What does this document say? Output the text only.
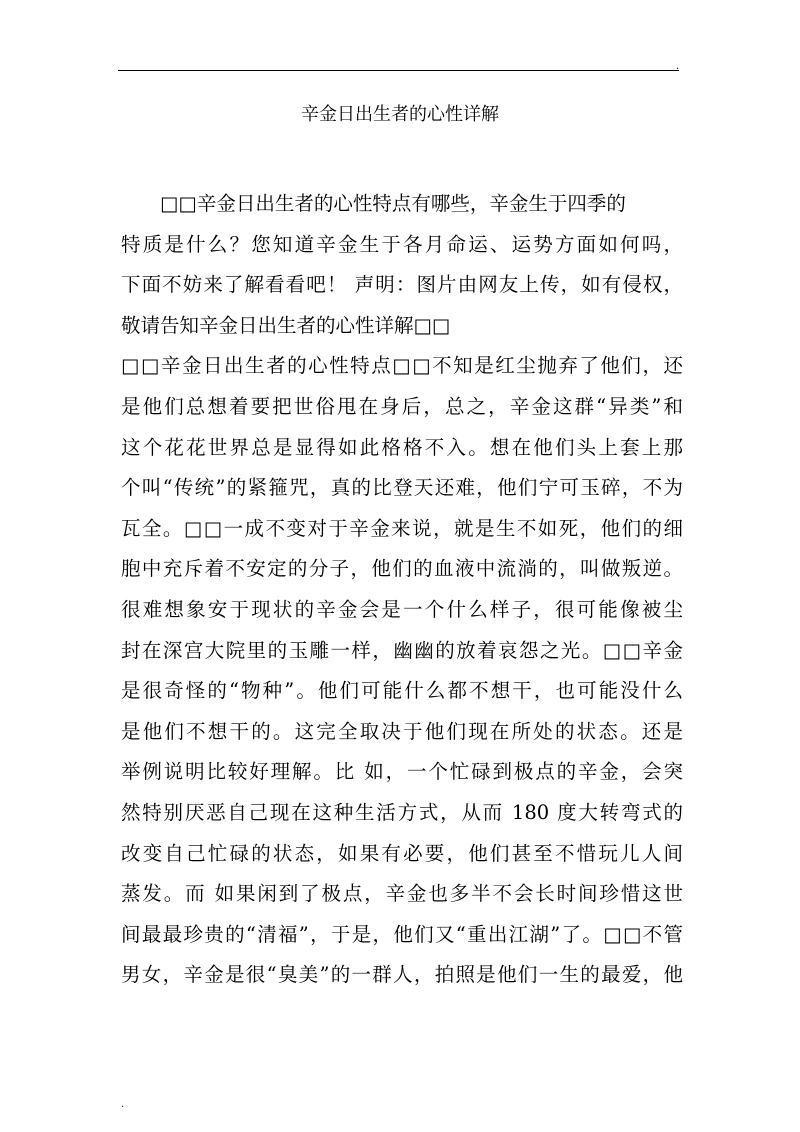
.
辛金日出生者的心性详解
□□辛金日出生者的心性特点有哪些，辛金生于四季的
特质是什么？您知道辛金生于各月命运、运势方面如何吗，
下面不妨来了解看看吧！ 声明：图片由网友上传，如有侵权，
敬请告知辛金日出生者的心性详解□□
□□辛金日出生者的心性特点□□不知是红尘抛弃了他们，还
是他们总想着要把世俗甩在身后，总之，辛金这群“异类”和
这个花花世界总是显得如此格格不入。想在他们头上套上那
个叫“传统”的紧箍咒，真的比登天还难，他们宁可玉碎，不为
瓦全。□□一成不变对于辛金来说，就是生不如死，他们的细
胞中充斥着不安定的分子，他们的血液中流淌的，叫做叛逆。
很难想象安于现状的辛金会是一个什么样子，很可能像被尘
封在深宫大院里的玉雕一样，幽幽的放着哀怨之光。□□辛金
是很奇怪的“物种”。他们可能什么都不想干，也可能没什么
是他们不想干的。这完全取决于他们现在所处的状态。还是
举例说明比较好理解。比 如，一个忙碌到极点的辛金，会突
然特别厌恶自己现在这种生活方式，从而 180 度大转弯式的
改变自己忙碌的状态，如果有必要，他们甚至不惜玩儿人间
蒸发。而 如果闲到了极点，辛金也多半不会长时间珍惜这世
间最最珍贵的“清福”，于是，他们又“重出江湖”了。□□不管
男女，辛金是很“臭美”的一群人，拍照是他们一生的最爱，他
.
